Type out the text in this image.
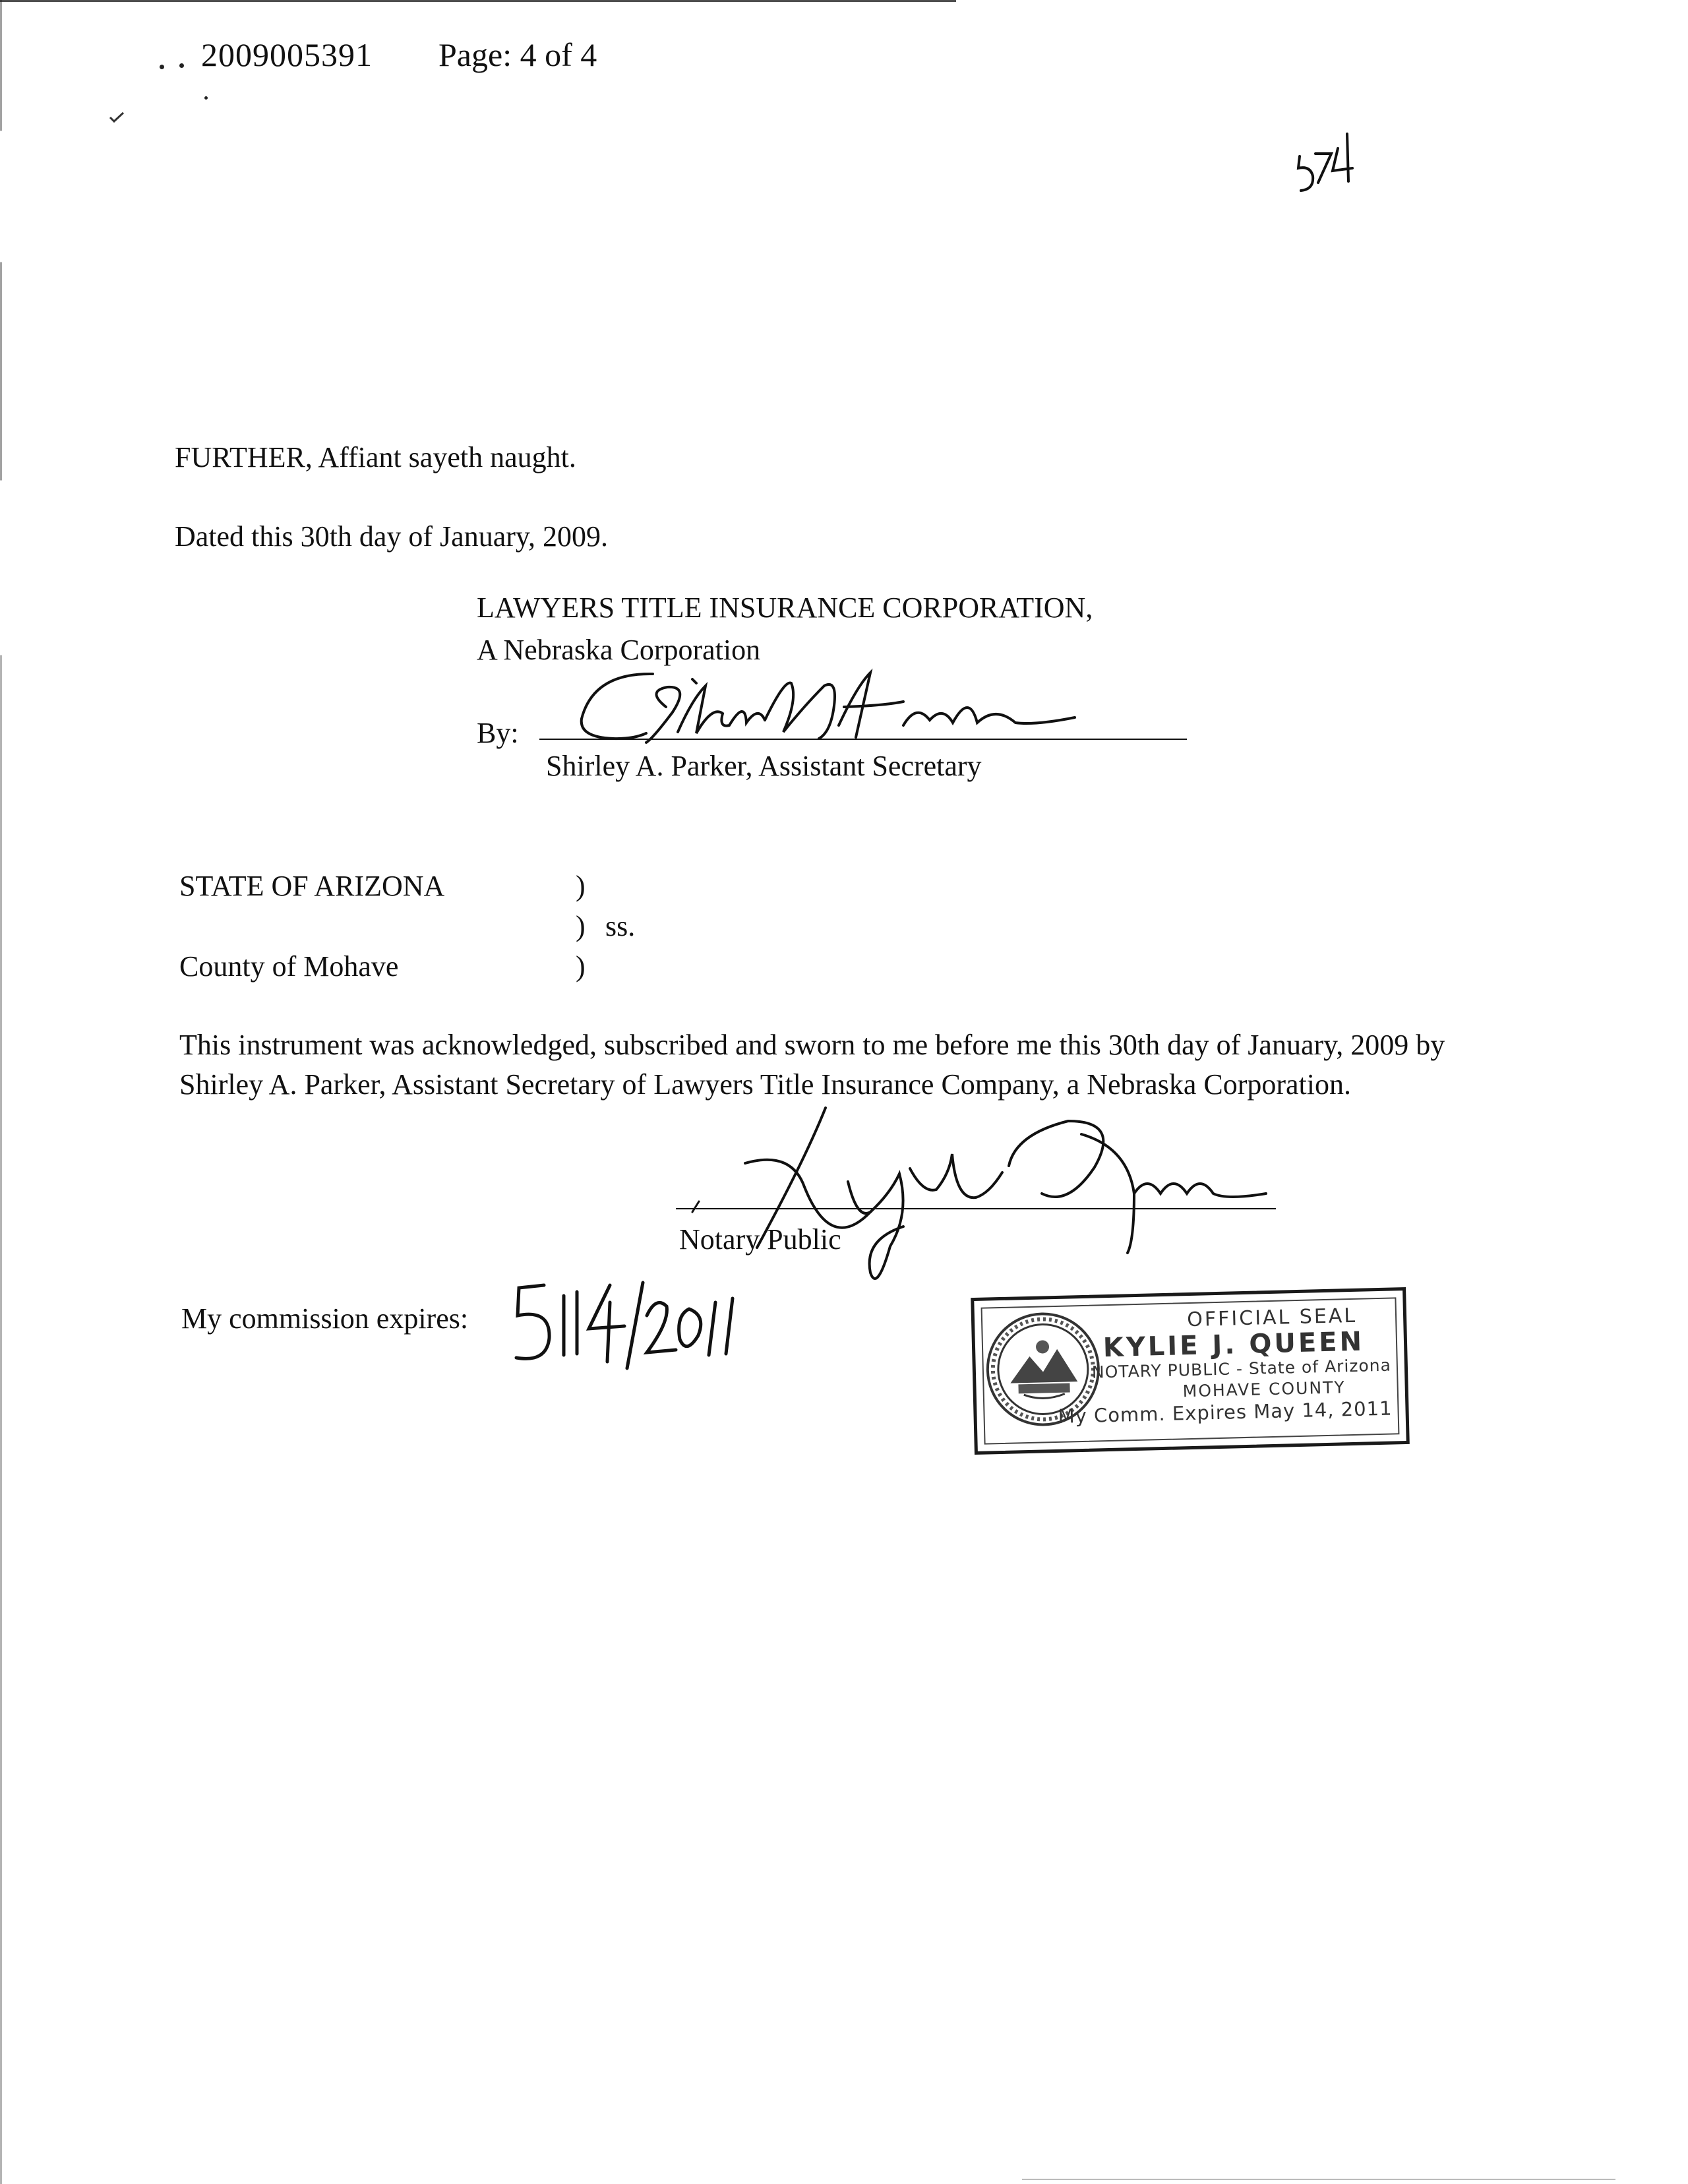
2009005391 Page: 4 of 4
FURTHER, Affiant sayeth naught.
Dated this 30th day of January, 2009.
LAWYERS TITLE INSURANCE CORPORATION,
A Nebraska Corporation
By:
Shirley A. Parker, Assistant Secretary
STATE OF ARIZONA	)
) ss.
County of Mohave	)
This instrument was acknowledged, subscribed and sworn to me before me this 30th day of January, 2009 by Shirley A. Parker, Assistant Secretary of Lawyers Title Insurance Company, a Nebraska Corporation.
Notary Public
My commission expires:	OFFICIAL SEAL
KYLIE J. QUEEN
NOTARY PUBLIC - State of Arizona
MOHAVE COUNTY
My Comm. Expires May 14, 2011
